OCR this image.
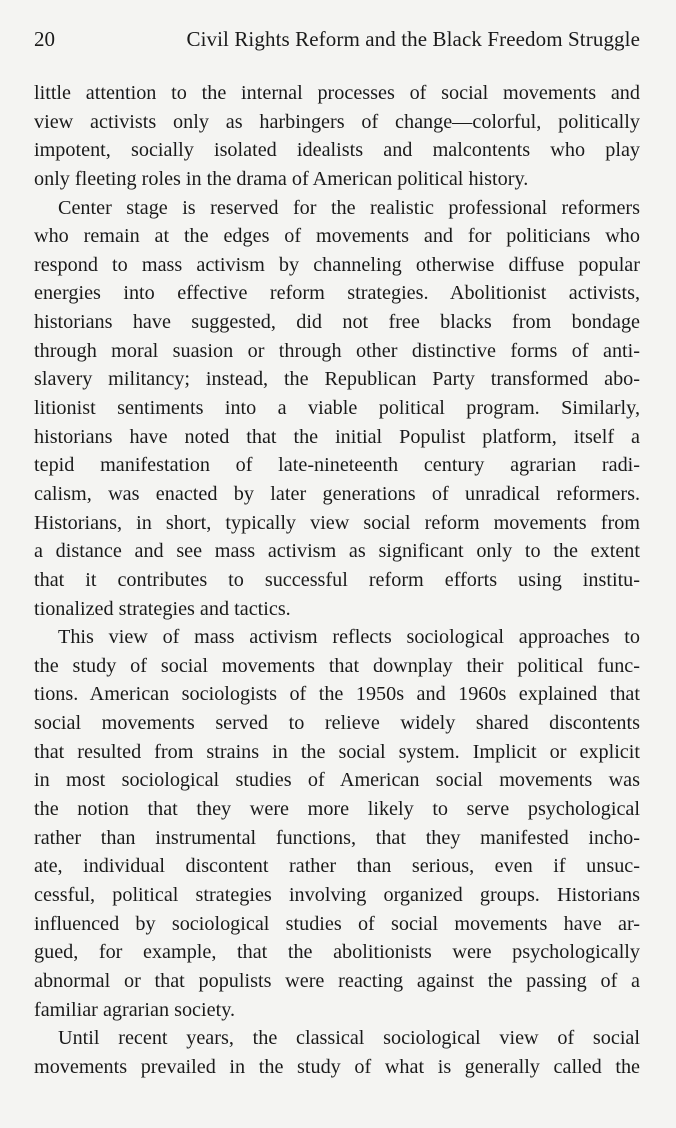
20	Civil Rights Reform and the Black Freedom Struggle
little attention to the internal processes of social movements and
view activists only as harbingers of change—colorful, politically
impotent, socially isolated idealists and malcontents who play
only fleeting roles in the drama of American political history.
Center stage is reserved for the realistic professional reformers
who remain at the edges of movements and for politicians who
respond to mass activism by channeling otherwise diffuse popular
energies into effective reform strategies. Abolitionist activists,
historians have suggested, did not free blacks from bondage
through moral suasion or through other distinctive forms of anti-
slavery militancy; instead, the Republican Party transformed abo-
litionist sentiments into a viable political program. Similarly,
historians have noted that the initial Populist platform, itself a
tepid manifestation of late-nineteenth century agrarian radi-
calism, was enacted by later generations of unradical reformers.
Historians, in short, typically view social reform movements from
a distance and see mass activism as significant only to the extent
that it contributes to successful reform efforts using institu-
tionalized strategies and tactics.
This view of mass activism reflects sociological approaches to
the study of social movements that downplay their political func-
tions. American sociologists of the 1950s and 1960s explained that
social movements served to relieve widely shared discontents
that resulted from strains in the social system. Implicit or explicit
in most sociological studies of American social movements was
the notion that they were more likely to serve psychological
rather than instrumental functions, that they manifested incho-
ate, individual discontent rather than serious, even if unsuc-
cessful, political strategies involving organized groups. Historians
influenced by sociological studies of social movements have ar-
gued, for example, that the abolitionists were psychologically
abnormal or that populists were reacting against the passing of a
familiar agrarian society.
Until recent years, the classical sociological view of social
movements prevailed in the study of what is generally called the
